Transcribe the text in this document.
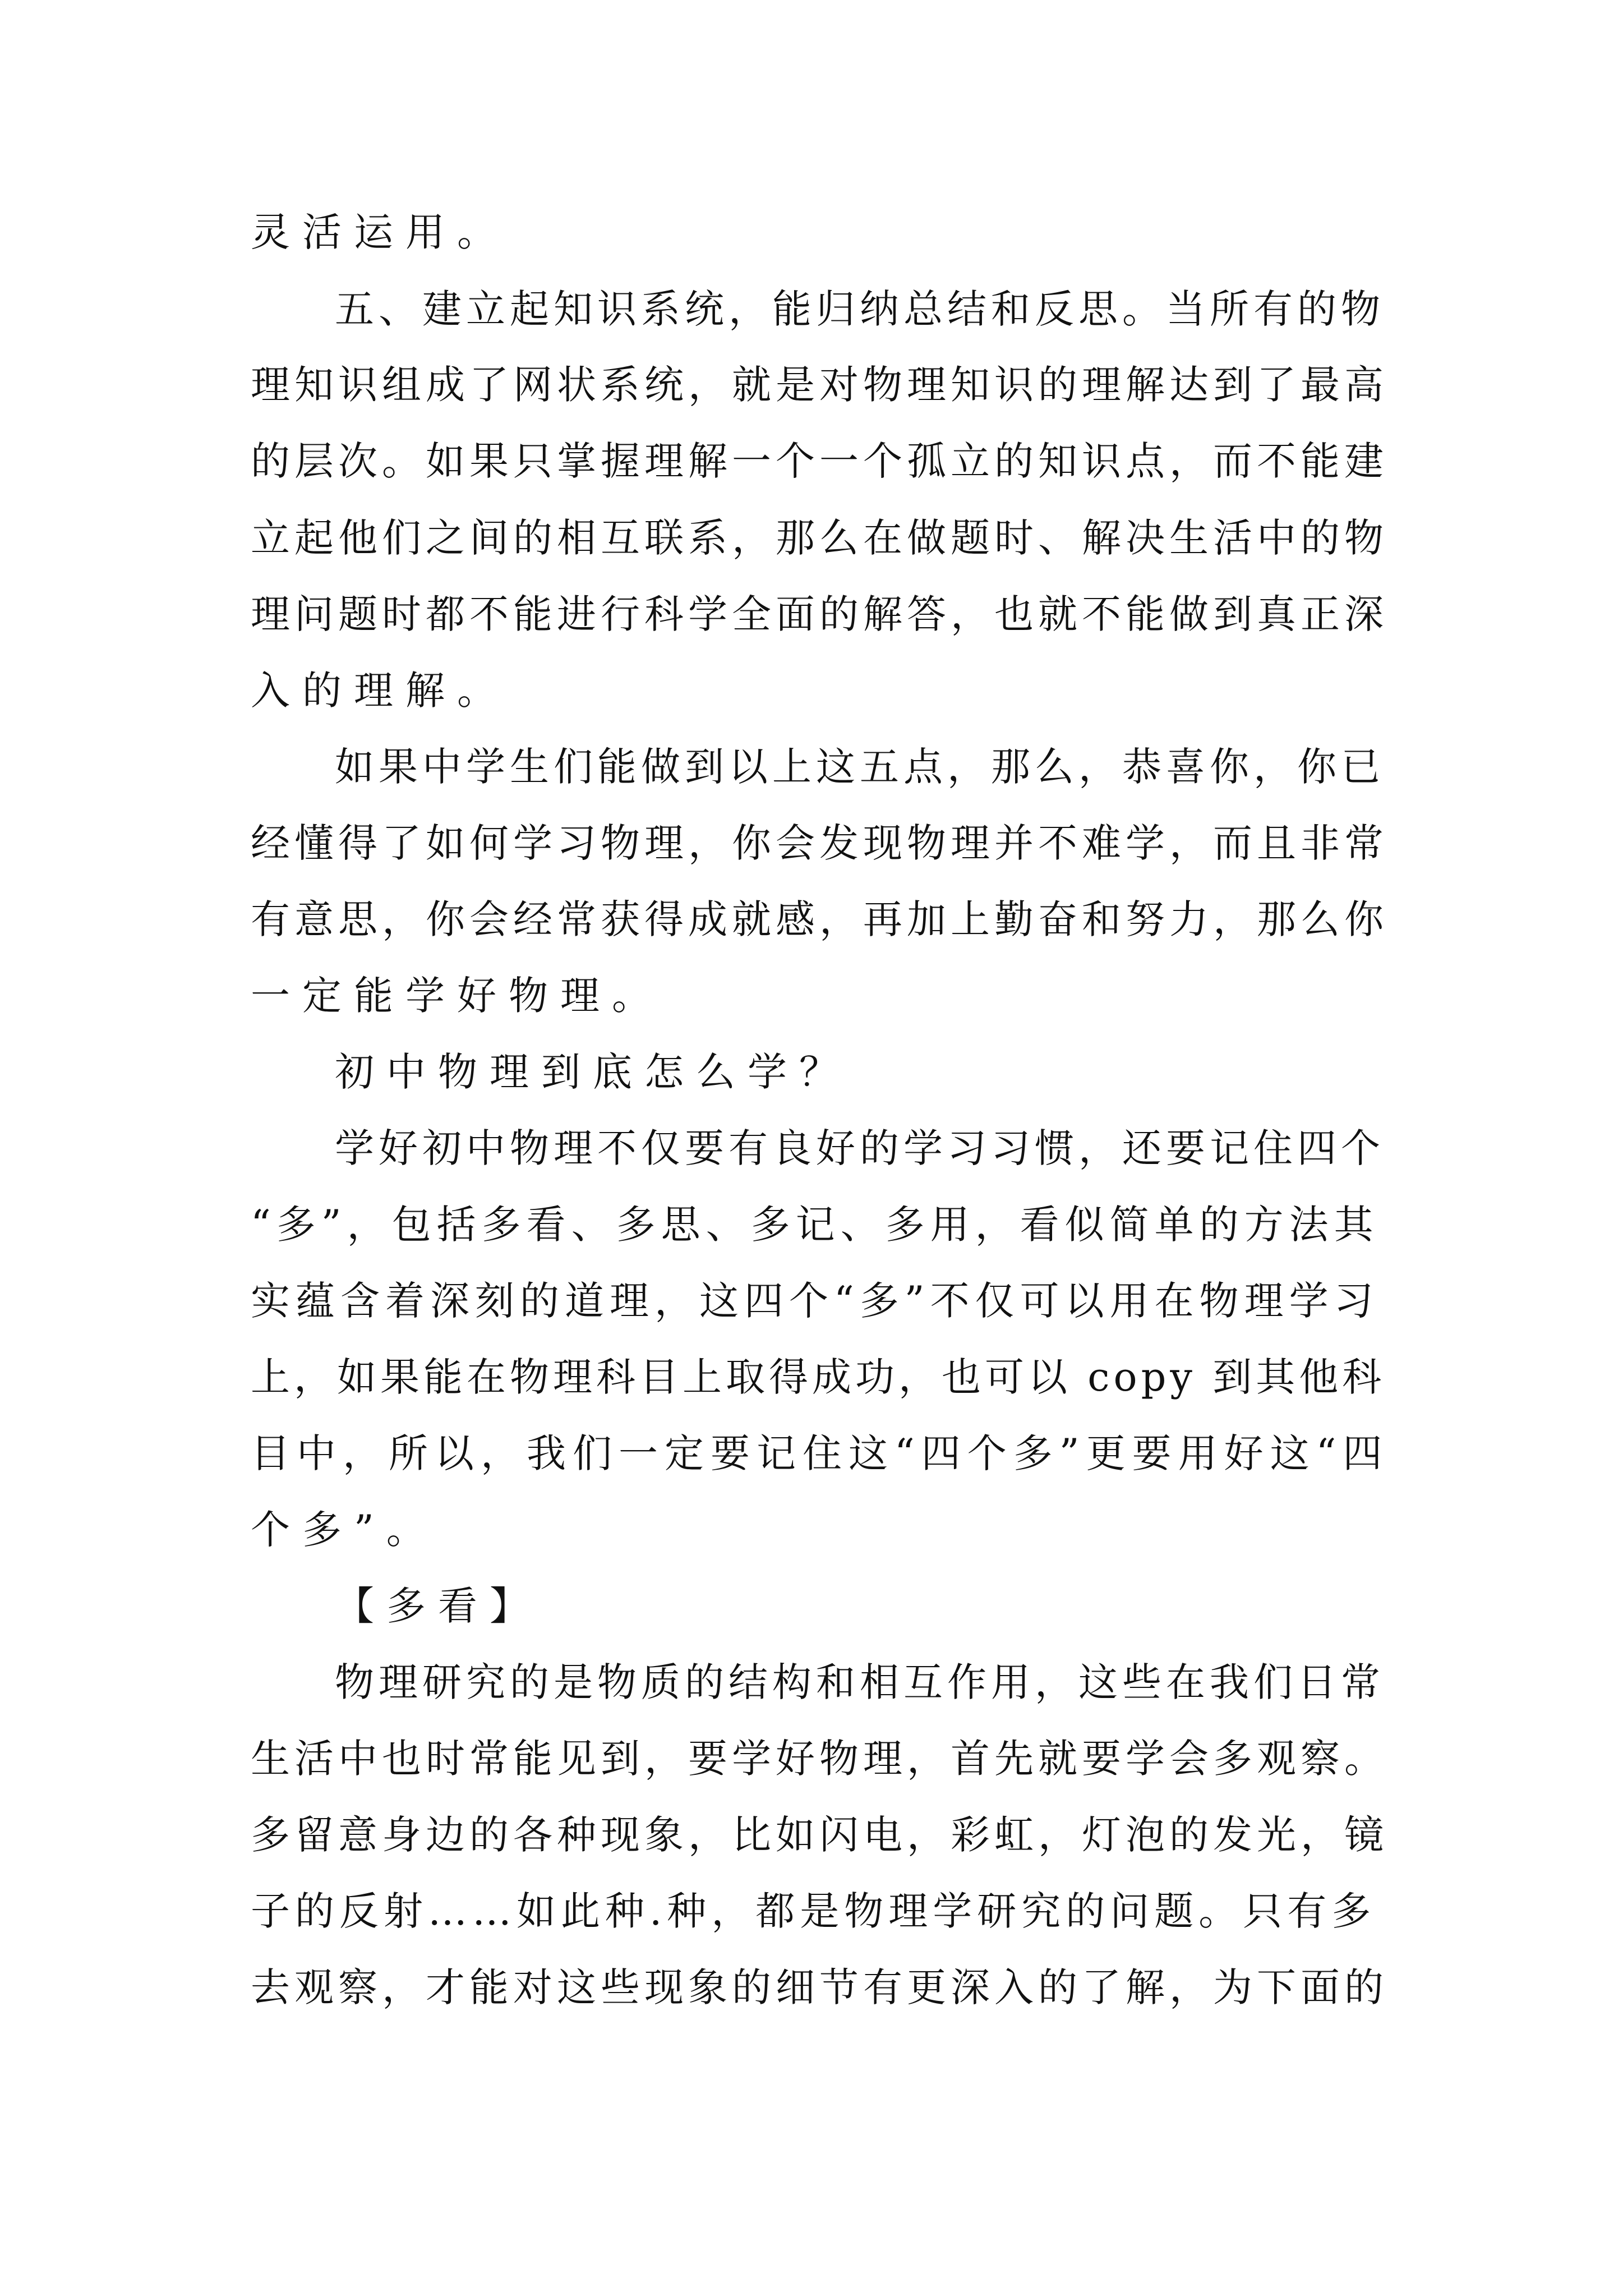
灵活运用。
五、建立起知识系统，能归纳总结和反思。当所有的物
理知识组成了网状系统，就是对物理知识的理解达到了最高
的层次。如果只掌握理解一个一个孤立的知识点，而不能建
立起他们之间的相互联系，那么在做题时、解决生活中的物
理问题时都不能进行科学全面的解答，也就不能做到真正深
入的理解。
如果中学生们能做到以上这五点，那么，恭喜你，你已
经懂得了如何学习物理，你会发现物理并不难学，而且非常
有意思，你会经常获得成就感，再加上勤奋和努力，那么你
一定能学好物理。
初中物理到底怎么学？
学好初中物理不仅要有良好的学习习惯，还要记住四个
“多”，包括多看、多思、多记、多用，看似简单的方法其
实蕴含着深刻的道理，这四个“多”不仅可以用在物理学习
上，如果能在物理科目上取得成功，也可以 copy 到其他科
目中，所以，我们一定要记住这“四个多”更要用好这“四
个多”。
【多看】
物理研究的是物质的结构和相互作用，这些在我们日常
生活中也时常能见到，要学好物理，首先就要学会多观察。
多留意身边的各种现象，比如闪电，彩虹，灯泡的发光，镜
子的反射……如此种.种，都是物理学研究的问题。只有多
去观察，才能对这些现象的细节有更深入的了解，为下面的
